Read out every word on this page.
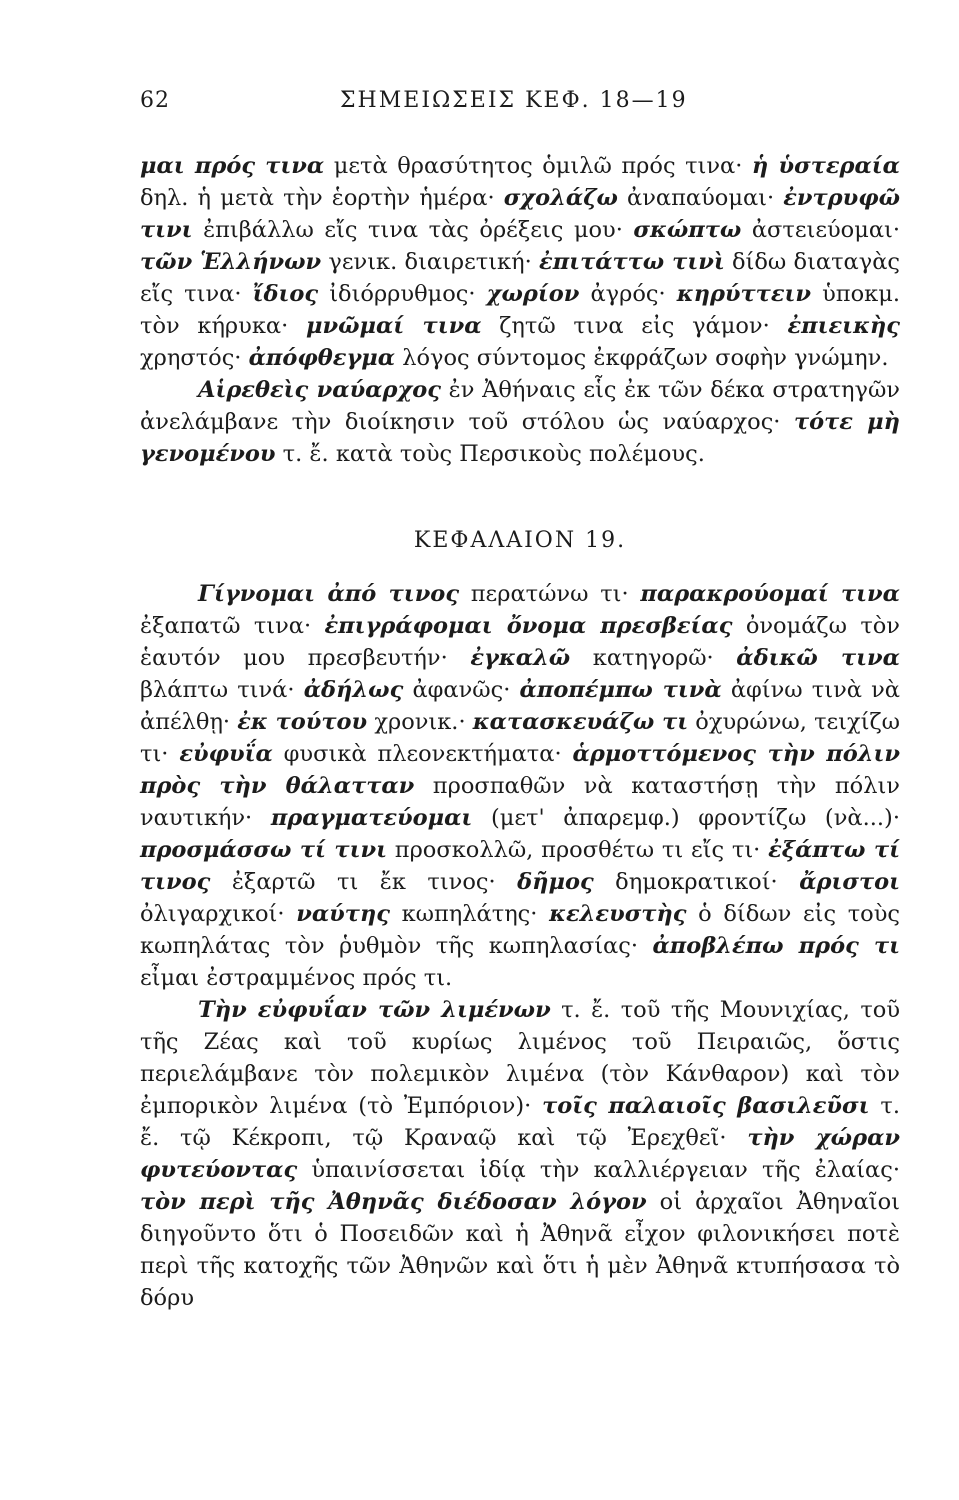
62	ΣΗΜΕΙΩΣΕΙΣ ΚΕΦ. 18—19

μαι πρός τινα μετὰ θρασύτητος ὁμιλῶ πρός τινα· ἡ ὑστεραία δηλ. ἡ μετὰ τὴν ἑορτὴν ἡμέρα· σχολάζω ἀναπαύομαι· ἐντρυφῶ τινι ἐπιβάλλω εἴς τινα τὰς ὀρέξεις μου· σκώπτω ἀστειεύομαι· τῶν Ἑλλήνων γενικ. διαιρετική· ἐπιτάττω τινὶ δίδω διαταγὰς εἴς τινα· ἴδιος ἰδιόρρυθμος· χωρίον ἀγρός· κηρύττειν ὑποκμ. τὸν κήρυκα· μνῶμαί τινα ζητῶ τινα εἰς γάμον· ἐπιεικὴς χρηστός· ἀπόφθεγμα λόγος σύντομος ἐκφράζων σοφὴν γνώμην.

Αἱρεθεὶς ναύαρχος ἐν Ἀθήναις εἷς ἐκ τῶν δέκα στρατηγῶν ἀνελάμβανε τὴν διοίκησιν τοῦ στόλου ὡς ναύαρχος· τότε μὴ γενομένου τ. ἔ. κατὰ τοὺς Περσικοὺς πολέμους.

ΚΕΦΑΛΑΙΟΝ 19.

Γίγνομαι ἀπό τινος περατώνω τι· παρακρούομαί τινα ἐξαπατῶ τινα· ἐπιγράφομαι ὄνομα πρεσβείας ὀνομάζω τὸν ἑαυτόν μου πρεσβευτήν· ἐγκαλῶ κατηγορῶ· ἀδικῶ τινα βλάπτω τινά· ἀδήλως ἀφανῶς· ἀποπέμπω τινὰ ἀφίνω τινὰ νὰ ἀπέλθῃ· ἐκ τούτου χρονικ.· κατασκευάζω τι ὀχυρώνω, τειχίζω τι· εὐφυΐα φυσικὰ πλεονεκτήματα· ἁρμοττόμενος τὴν πόλιν πρὸς τὴν θάλατταν προσπαθῶν νὰ καταστήσῃ τὴν πόλιν ναυτικήν· πραγματεύομαι (μετ' ἀπαρεμφ.) φροντίζω (νὰ...)· προσμάσσω τί τινι προσκολλῶ, προσθέτω τι εἴς τι· ἐξάπτω τί τινος ἐξαρτῶ τι ἔκ τινος· δῆμος δημοκρατικοί· ἄριστοι ὀλιγαρχικοί· ναύτης κωπηλάτης· κελευστὴς ὁ δίδων εἰς τοὺς κωπηλάτας τὸν ῥυθμὸν τῆς κωπηλασίας· ἀποβλέπω πρός τι εἶμαι ἐστραμμένος πρός τι.

Τὴν εὐφυΐαν τῶν λιμένων τ. ἔ. τοῦ τῆς Μουνιχίας, τοῦ τῆς Ζέας καὶ τοῦ κυρίως λιμένος τοῦ Πειραιῶς, ὅστις περιελάμβανε τὸν πολεμικὸν λιμένα (τὸν Κάνθαρον) καὶ τὸν ἐμπορικὸν λιμένα (τὸ Ἐμπόριον)· τοῖς παλαιοῖς βασιλεῦσι τ. ἔ. τῷ Κέκροπι, τῷ Κραναῷ καὶ τῷ Ἐρεχθεῖ· τὴν χώραν φυτεύοντας ὑπαινίσσεται ἰδίᾳ τὴν καλλιέργειαν τῆς ἐλαίας· τὸν περὶ τῆς Ἀθηνᾶς διέδοσαν λόγον οἱ ἀρχαῖοι Ἀθηναῖοι διηγοῦντο ὅτι ὁ Ποσειδῶν καὶ ἡ Ἀθηνᾶ εἶχον φιλονικήσει ποτὲ περὶ τῆς κατοχῆς τῶν Ἀθηνῶν καὶ ὅτι ἡ μὲν Ἀθηνᾶ κτυπήσασα τὸ δόρυ
